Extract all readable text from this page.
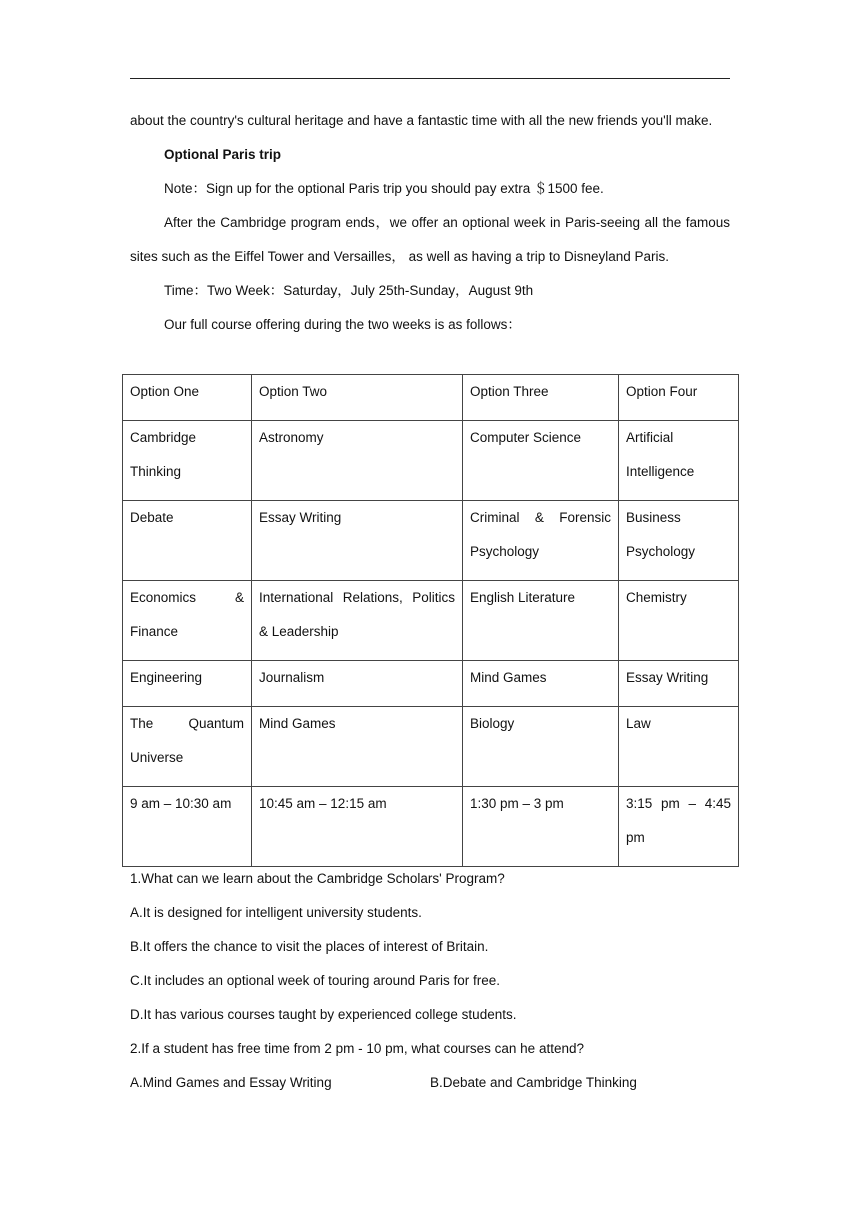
about the country's cultural heritage and have a fantastic time with all the new friends you'll make.

Optional Paris trip

Note：Sign up for the optional Paris trip you should pay extra ＄1500 fee.

After the Cambridge program ends，we offer an optional week in Paris-seeing all the famous sites such as the Eiffel Tower and Versailles， as well as having a trip to Disneyland Paris.

Time：Two Week：Saturday，July 25th-Sunday，August 9th

Our full course offering during the two weeks is as follows：

Option One	Option Two	Option Three	Option Four

Cambridge Thinking	Astronomy	Computer Science	Artificial Intelligence

Debate	Essay Writing	Criminal & Forensic Psychology	Business Psychology

Economics & Finance	International Relations, Politics & Leadership	English Literature	Chemistry

Engineering	Journalism	Mind Games	Essay Writing

The Quantum Universe	Mind Games	Biology	Law

9 am – 10:30 am	10:45 am – 12:15 am	1:30 pm – 3 pm	3:15 pm – 4:45 pm

1.What can we learn about the Cambridge Scholars' Program?

A.It is designed for intelligent university students.

B.It offers the chance to visit the places of interest of Britain.

C.It includes an optional week of touring around Paris for free.

D.It has various courses taught by experienced college students.

2.If a student has free time from 2 pm - 10 pm, what courses can he attend?

A.Mind Games and Essay Writing	B.Debate and Cambridge Thinking
